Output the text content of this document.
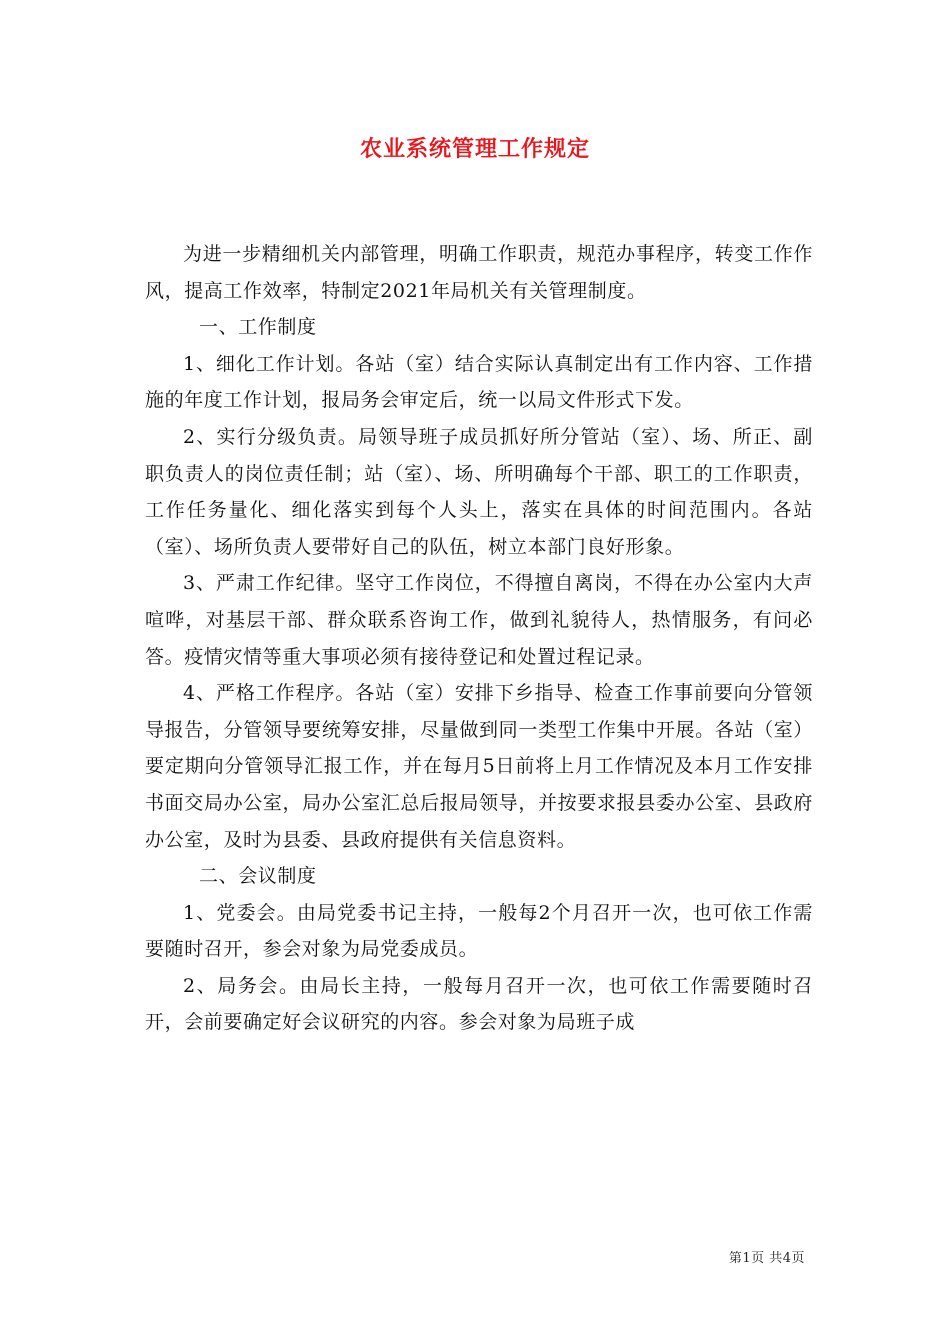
农业系统管理工作规定

为进一步精细机关内部管理，明确工作职责，规范办事程序，转变工作作风，提高工作效率，特制定2021年局机关有关管理制度。

一、工作制度

1、细化工作计划。各站（室）结合实际认真制定出有工作内容、工作措施的年度工作计划，报局务会审定后，统一以局文件形式下发。

2、实行分级负责。局领导班子成员抓好所分管站（室）、场、所正、副职负责人的岗位责任制；站（室）、场、所明确每个干部、职工的工作职责，工作任务量化、细化落实到每个人头上，落实在具体的时间范围内。各站（室）、场所负责人要带好自己的队伍，树立本部门良好形象。

3、严肃工作纪律。坚守工作岗位，不得擅自离岗，不得在办公室内大声喧哗，对基层干部、群众联系咨询工作，做到礼貌待人，热情服务，有问必答。疫情灾情等重大事项必须有接待登记和处置过程记录。

4、严格工作程序。各站（室）安排下乡指导、检查工作事前要向分管领导报告，分管领导要统筹安排，尽量做到同一类型工作集中开展。各站（室）要定期向分管领导汇报工作，并在每月5日前将上月工作情况及本月工作安排书面交局办公室，局办公室汇总后报局领导，并按要求报县委办公室、县政府办公室，及时为县委、县政府提供有关信息资料。

二、会议制度

1、党委会。由局党委书记主持，一般每2个月召开一次，也可依工作需要随时召开，参会对象为局党委成员。

2、局务会。由局长主持，一般每月召开一次，也可依工作需要随时召开，会前要确定好会议研究的内容。参会对象为局班子成

第1页 共4页
